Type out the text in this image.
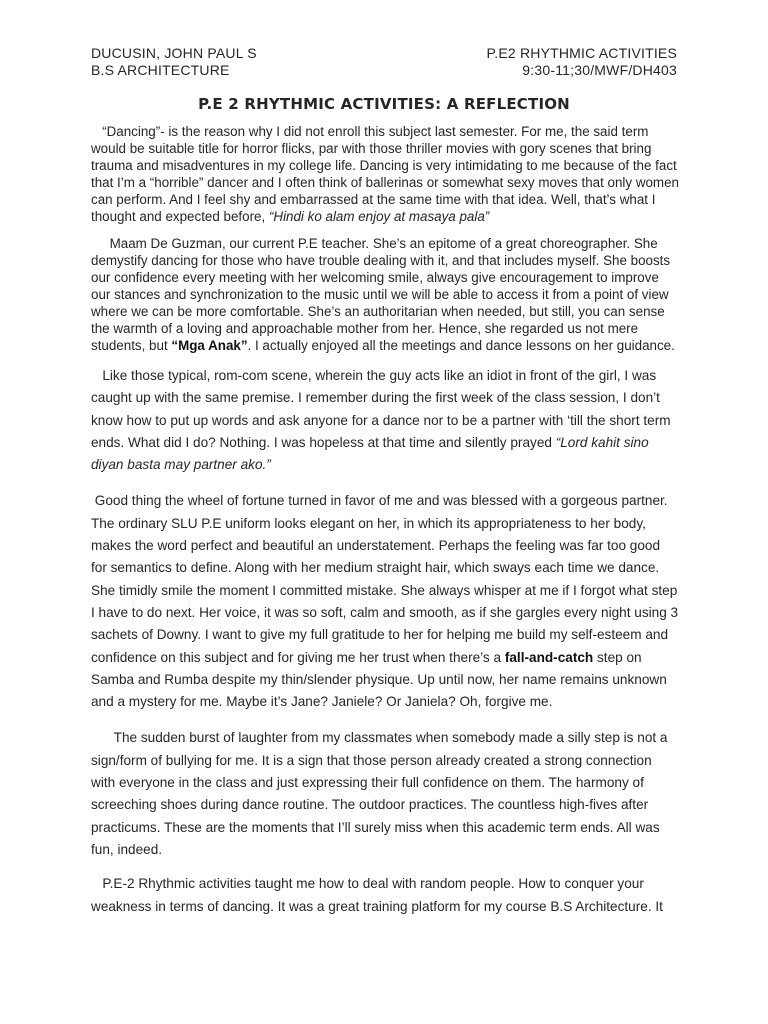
DUCUSIN, JOHN PAUL S
B.S ARCHITECTURE
P.E2 RHYTHMIC ACTIVITIES
9:30-11;30/MWF/DH403
P.E 2 RHYTHMIC ACTIVITIES: A REFLECTION

“Dancing”- is the reason why I did not enroll this subject last semester. For me, the said term would be suitable title for horror flicks, par with those thriller movies with gory scenes that bring trauma and misadventures in my college life. Dancing is very intimidating to me because of the fact that I’m a “horrible” dancer and I often think of ballerinas or somewhat sexy moves that only women can perform. And I feel shy and embarrassed at the same time with that idea. Well, that’s what I thought and expected before, “Hindi ko alam enjoy at masaya pala”

Maam De Guzman, our current P.E teacher. She’s an epitome of a great choreographer. She demystify dancing for those who have trouble dealing with it, and that includes myself. She boosts our confidence every meeting with her welcoming smile, always give encouragement to improve our stances and synchronization to the music until we will be able to access it from a point of view where we can be more comfortable. She’s an authoritarian when needed, but still, you can sense the warmth of a loving and approachable mother from her. Hence, she regarded us not mere students, but “Mga Anak”. I actually enjoyed all the meetings and dance lessons on her guidance.

Like those typical, rom-com scene, wherein the guy acts like an idiot in front of the girl, I was caught up with the same premise. I remember during the first week of the class session, I don’t know how to put up words and ask anyone for a dance nor to be a partner with ‘till the short term ends. What did I do? Nothing. I was hopeless at that time and silently prayed “Lord kahit sino diyan basta may partner ako.”

Good thing the wheel of fortune turned in favor of me and was blessed with a gorgeous partner. The ordinary SLU P.E uniform looks elegant on her, in which its appropriateness to her body, makes the word perfect and beautiful an understatement. Perhaps the feeling was far too good for semantics to define. Along with her medium straight hair, which sways each time we dance. She timidly smile the moment I committed mistake. She always whisper at me if I forgot what step I have to do next. Her voice, it was so soft, calm and smooth, as if she gargles every night using 3 sachets of Downy. I want to give my full gratitude to her for helping me build my self-esteem and confidence on this subject and for giving me her trust when there’s a fall-and-catch step on Samba and Rumba despite my thin/slender physique. Up until now, her name remains unknown and a mystery for me. Maybe it’s Jane? Janiele? Or Janiela? Oh, forgive me.

The sudden burst of laughter from my classmates when somebody made a silly step is not a sign/form of bullying for me. It is a sign that those person already created a strong connection with everyone in the class and just expressing their full confidence on them. The harmony of screeching shoes during dance routine. The outdoor practices. The countless high-fives after practicums. These are the moments that I’ll surely miss when this academic term ends. All was fun, indeed.

P.E-2 Rhythmic activities taught me how to deal with random people. How to conquer your weakness in terms of dancing. It was a great training platform for my course B.S Architecture. It
